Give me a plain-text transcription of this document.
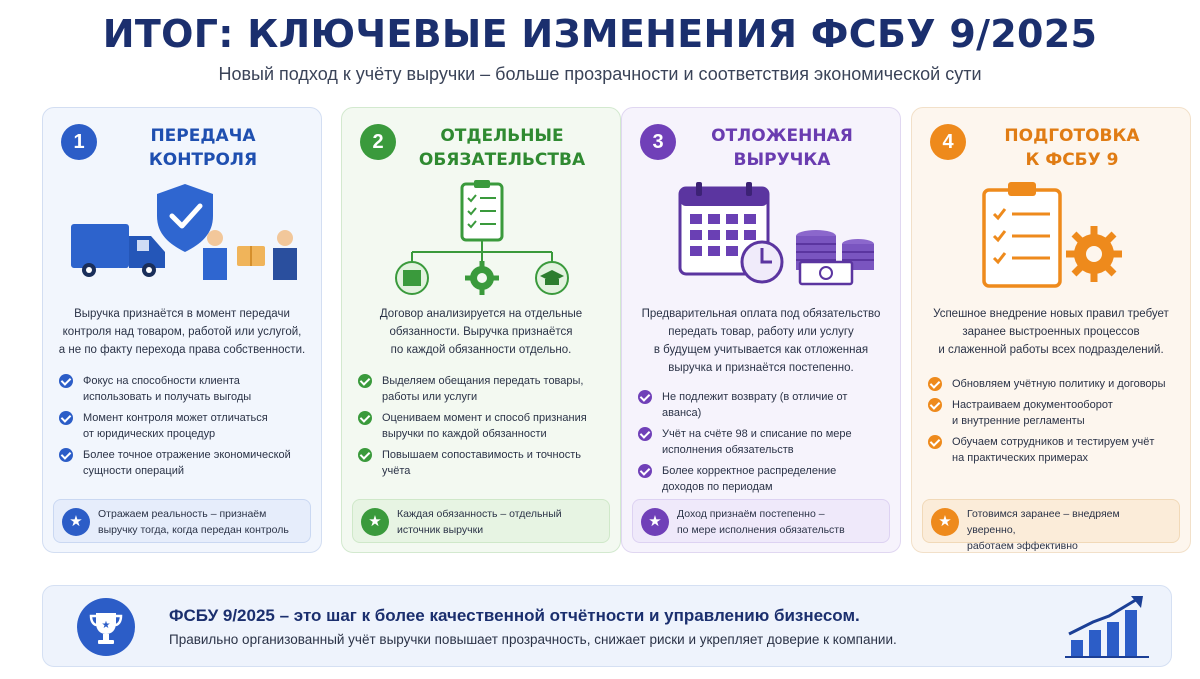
ИТОГ: КЛЮЧЕВЫЕ ИЗМЕНЕНИЯ ФСБУ 9/2025
Новый подход к учёту выручки – больше прозрачности и соответствия экономической сути
1	ПЕРЕДАЧА
КОНТРОЛЯ
Выручка признаётся в момент передачи
контроля над товаром, работой или услугой,
а не по факту перехода права собственности.
Фокус на способности клиента
использовать и получать выгоды
Момент контроля может отличаться
от юридических процедур
Более точное отражение экономической
сущности операций
★	Отражаем реальность – признаём
выручку тогда, когда передан контроль
2	ОТДЕЛЬНЫЕ
ОБЯЗАТЕЛЬСТВА
Договор анализируется на отдельные
обязанности. Выручка признаётся
по каждой обязанности отдельно.
Выделяем обещания передать товары,
работы или услуги
Оцениваем момент и способ признания
выручки по каждой обязанности
Повышаем сопоставимость и точность
учёта
★	Каждая обязанность – отдельный
источник выручки
3	ОТЛОЖЕННАЯ
ВЫРУЧКА
Предварительная оплата под обязательство
передать товар, работу или услугу
в будущем учитывается как отложенная
выручка и признаётся постепенно.
Не подлежит возврату (в отличие от аванса)
Учёт на счёте 98 и списание по мере
исполнения обязательств
Более корректное распределение
доходов по периодам
★	Доход признаём постепенно –
по мере исполнения обязательств
4	ПОДГОТОВКА
К ФСБУ 9
Успешное внедрение новых правил требует
заранее выстроенных процессов
и слаженной работы всех подразделений.
Обновляем учётную политику и договоры
Настраиваем документооборот
и внутренние регламенты
Обучаем сотрудников и тестируем учёт
на практических примерах
★	Готовимся заранее – внедряем уверенно,
работаем эффективно
★
ФСБУ 9/2025 – это шаг к более качественной отчётности и управлению бизнесом.
Правильно организованный учёт выручки повышает прозрачность, снижает риски и укрепляет доверие к компании.
